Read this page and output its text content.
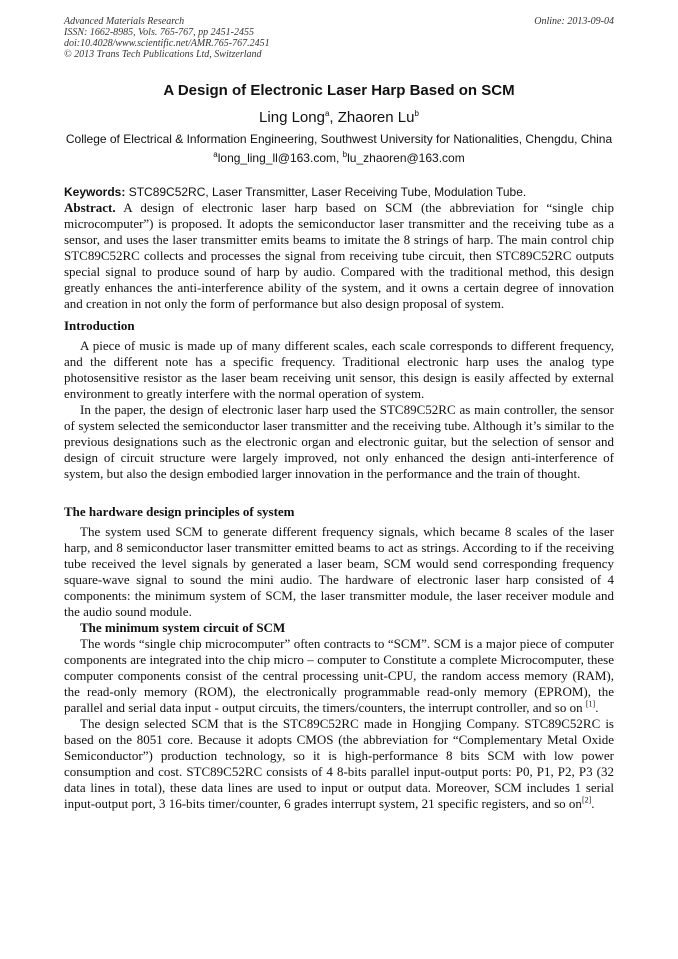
Advanced Materials Research
ISSN: 1662-8985, Vols. 765-767, pp 2451-2455
doi:10.4028/www.scientific.net/AMR.765-767.2451
© 2013 Trans Tech Publications Ltd, Switzerland
Online: 2013-09-04
A Design of Electronic Laser Harp Based on SCM
Ling Long$^a$, Zhaoren Lu$^b$
College of Electrical & Information Engineering, Southwest University for Nationalities, Chengdu, China
$^a$long_ling_ll@163.com, $^b$lu_zhaoren@163.com
Keywords: STC89C52RC, Laser Transmitter, Laser Receiving Tube, Modulation Tube.

Abstract. A design of electronic laser harp based on SCM (the abbreviation for “single chip microcomputer”) is proposed. It adopts the semiconductor laser transmitter and the receiving tube as a sensor, and uses the laser transmitter emits beams to imitate the 8 strings of harp. The main control chip STC89C52RC collects and processes the signal from receiving tube circuit, then STC89C52RC outputs special signal to produce sound of harp by audio. Compared with the traditional method, this design greatly enhances the anti-interference ability of the system, and it owns a certain degree of innovation and creation in not only the form of performance but also design proposal of system.

Introduction

A piece of music is made up of many different scales, each scale corresponds to different frequency, and the different note has a specific frequency. Traditional electronic harp uses the analog type photosensitive resistor as the laser beam receiving unit sensor, this design is easily affected by external environment to greatly interfere with the normal operation of system.

In the paper, the design of electronic laser harp used the STC89C52RC as main controller, the sensor of system selected the semiconductor laser transmitter and the receiving tube. Although it’s similar to the previous designations such as the electronic organ and electronic guitar, but the selection of sensor and design of circuit structure were largely improved, not only enhanced the design anti-interference of system, but also the design embodied larger innovation in the performance and the train of thought.

The hardware design principles of system

The system used SCM to generate different frequency signals, which became 8 scales of the laser harp, and 8 semiconductor laser transmitter emitted beams to act as strings. According to if the receiving tube received the level signals by generated a laser beam, SCM would send corresponding frequency square-wave signal to sound the mini audio. The hardware of electronic laser harp consisted of 4 components: the minimum system of SCM, the laser transmitter module, the laser receiver module and the audio sound module.

The minimum system circuit of SCM

The words “single chip microcomputer” often contracts to “SCM”. SCM is a major piece of computer components are integrated into the chip micro – computer to Constitute a complete Microcomputer, these computer components consist of the central processing unit-CPU, the random access memory (RAM), the read-only memory (ROM), the electronically programmable read-only memory (EPROM), the parallel and serial data input - output circuits, the timers/counters, the interrupt controller, and so on [1].

The design selected SCM that is the STC89C52RC made in Hongjing Company. STC89C52RC is based on the 8051 core. Because it adopts CMOS (the abbreviation for “Complementary Metal Oxide Semiconductor”) production technology, so it is high-performance 8 bits SCM with low power consumption and cost. STC89C52RC consists of 4 8-bits parallel input-output ports: P0, P1, P2, P3 (32 data lines in total), these data lines are used to input or output data. Moreover, SCM includes 1 serial input-output port, 3 16-bits timer/counter, 6 grades interrupt system, 21 specific registers, and so on[2].
